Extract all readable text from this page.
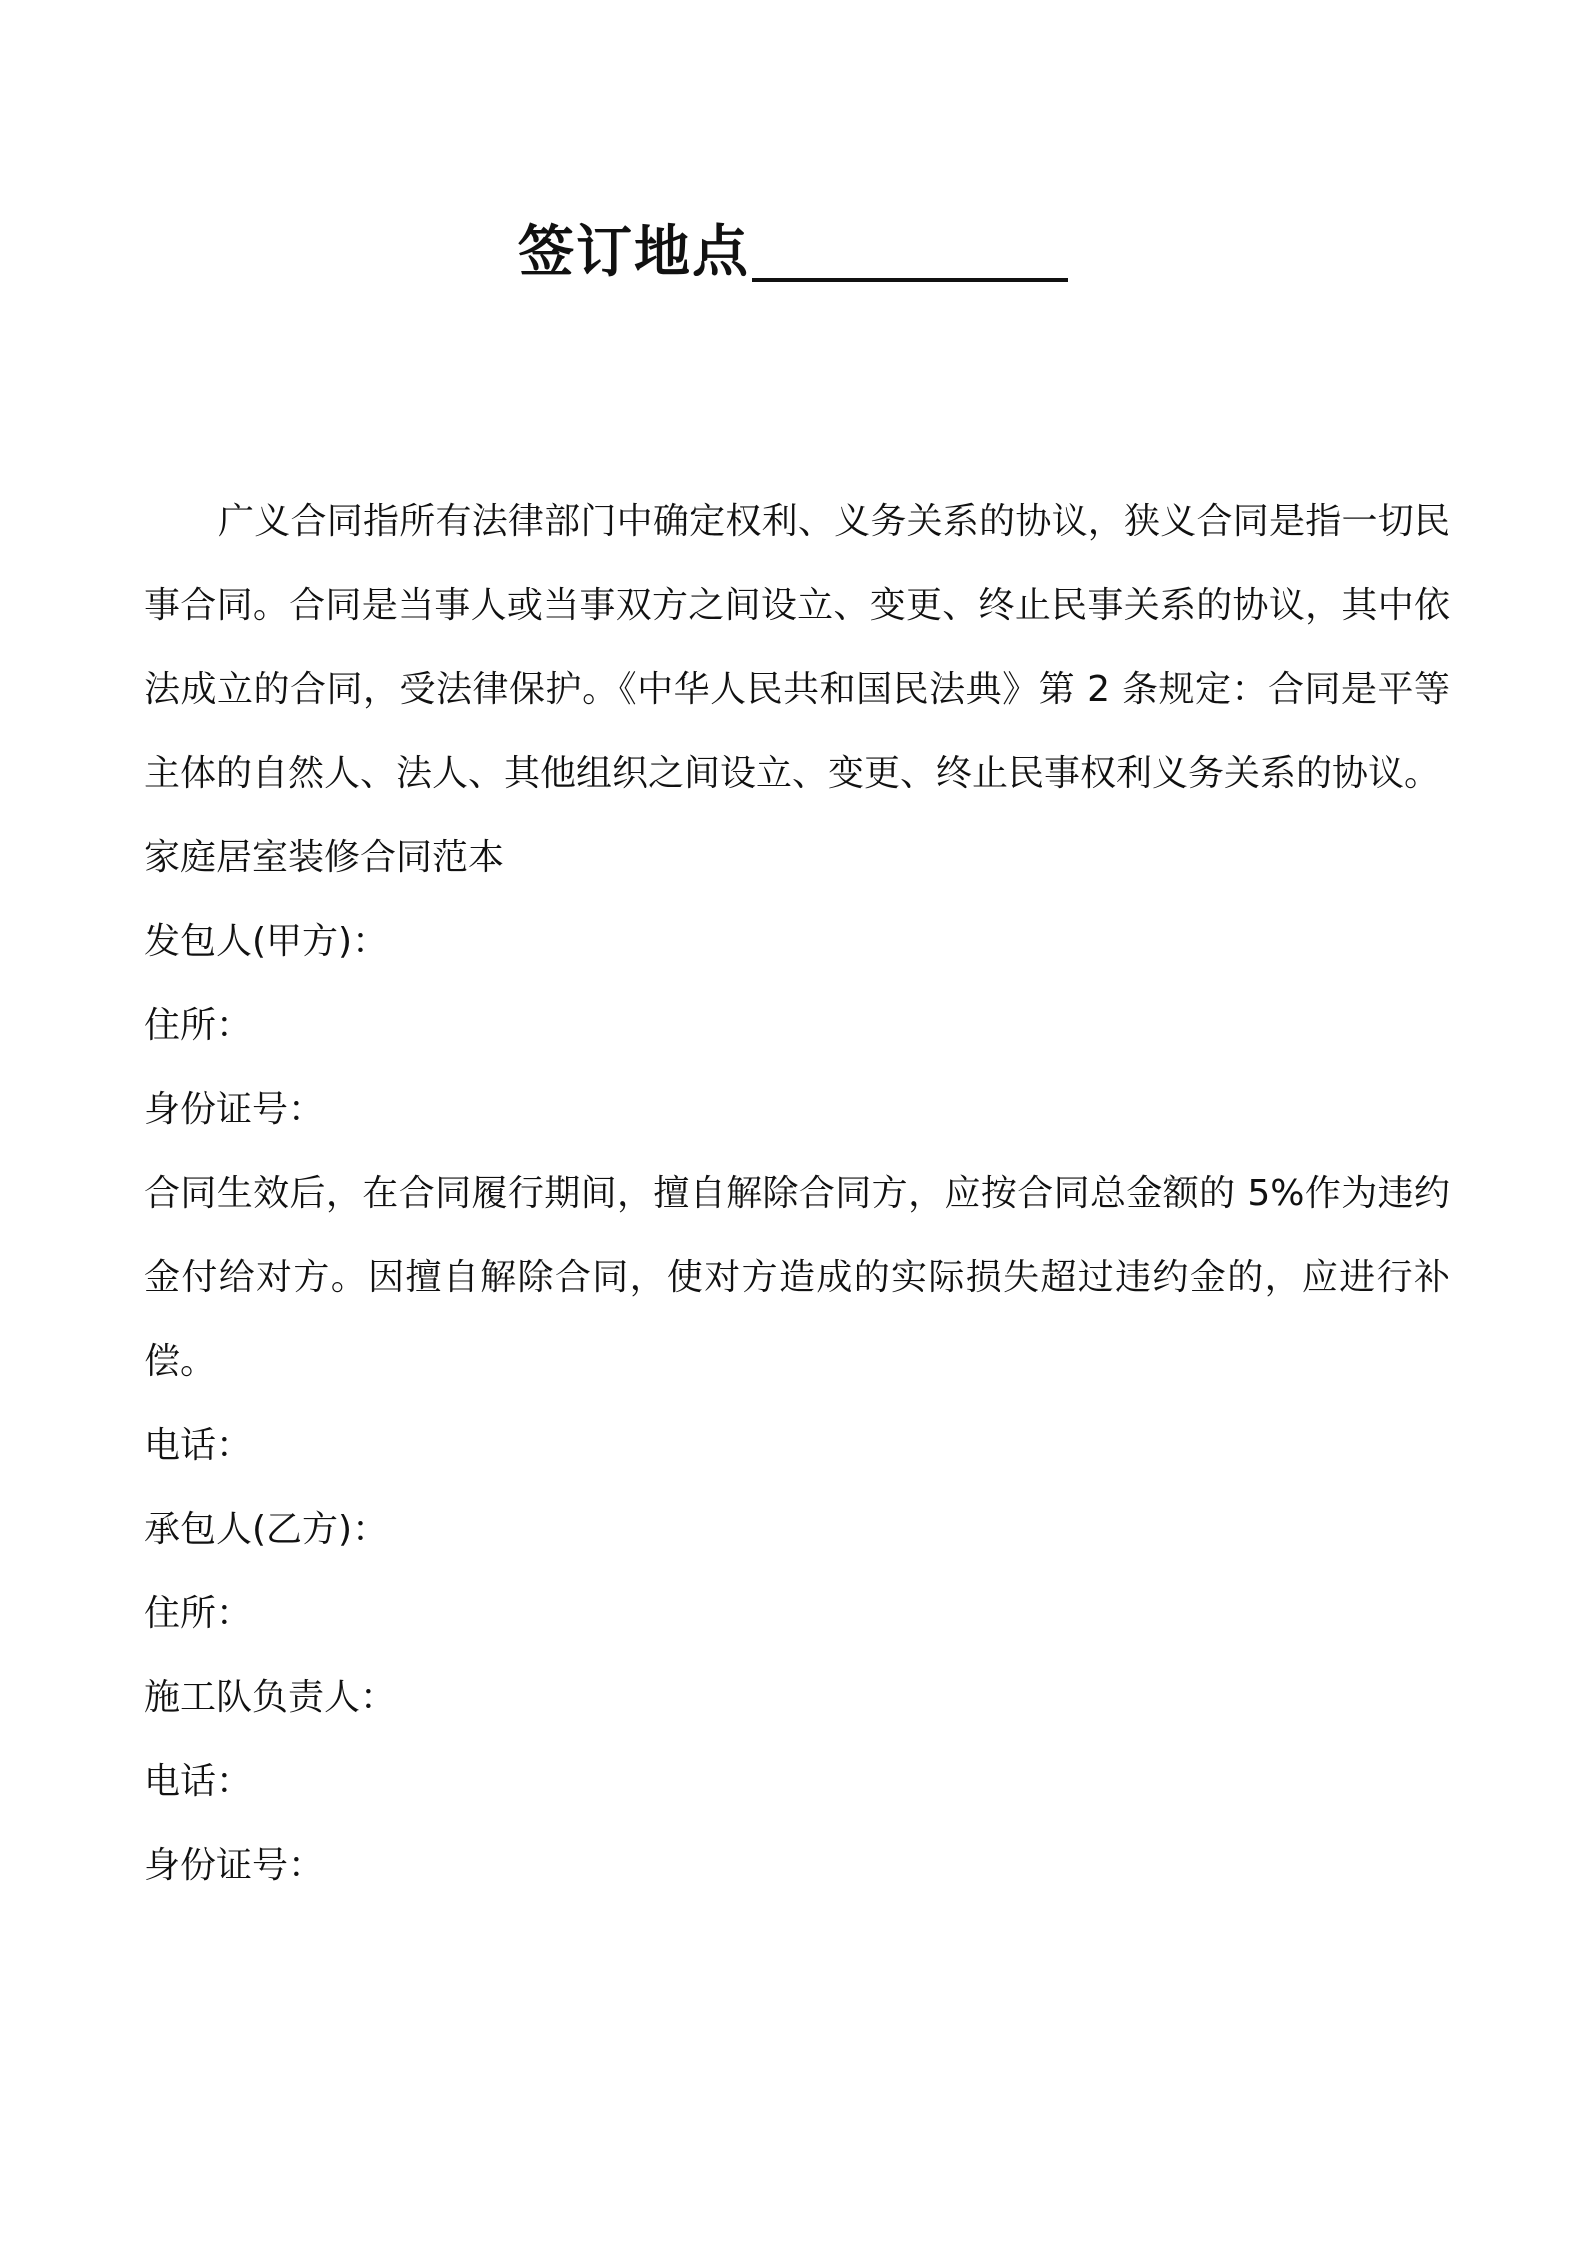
签订地点

广义合同指所有法律部门中确定权利、义务关系的协议，狭义合同是指一切民事合同。合同是当事人或当事双方之间设立、变更、终止民事关系的协议，其中依法成立的合同，受法律保护。《中华人民共和国民法典》第 2 条规定：合同是平等主体的自然人、法人、其他组织之间设立、变更、终止民事权利义务关系的协议。

家庭居室装修合同范本

发包人(甲方)：

住所：

身份证号：

合同生效后，在合同履行期间，擅自解除合同方，应按合同总金额的 5%作为违约金付给对方。因擅自解除合同，使对方造成的实际损失超过违约金的，应进行补偿。

电话：

承包人(乙方)：

住所：

施工队负责人：

电话：

身份证号：
